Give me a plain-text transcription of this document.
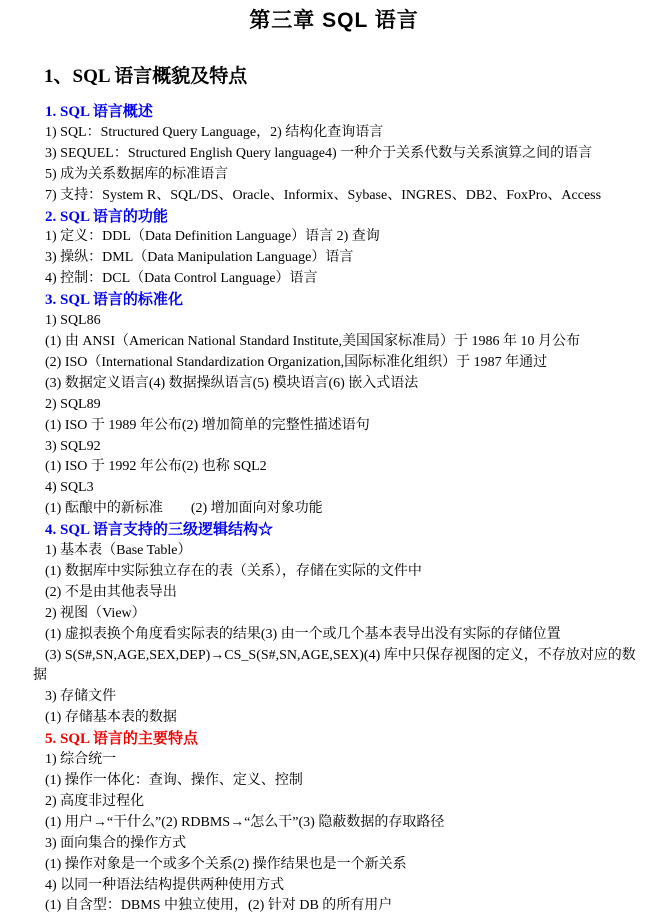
第三章 SQL 语言
1、SQL 语言概貌及特点

1. SQL 语言概述

1) SQL：Structured Query Language，2) 结构化查询语言

3) SEQUEL：Structured English Query language4) 一种介于关系代数与关系演算之间的语言

5) 成为关系数据库的标准语言

7) 支持：System R、SQL/DS、Oracle、Informix、Sybase、INGRES、DB2、FoxPro、Access

2. SQL 语言的功能

1) 定义：DDL（Data Definition Language）语言 2) 查询

3) 操纵：DML（Data Manipulation Language）语言

4) 控制：DCL（Data Control Language）语言

3. SQL 语言的标准化

1) SQL86

(1) 由 ANSI（American National Standard Institute,美国国家标准局）于 1986 年 10 月公布

(2) ISO（International Standardization Organization,国际标准化组织）于 1987 年通过

(3) 数据定义语言(4) 数据操纵语言(5) 模块语言(6) 嵌入式语法

2) SQL89

(1) ISO 于 1989 年公布(2) 增加简单的完整性描述语句

3) SQL92

(1) ISO 于 1992 年公布(2) 也称 SQL2

4) SQL3

(1) 酝酿中的新标准　　(2) 增加面向对象功能

4. SQL 语言支持的三级逻辑结构☆

1) 基本表（Base Table）

(1) 数据库中实际独立存在的表（关系），存储在实际的文件中

(2) 不是由其他表导出

2) 视图（View）

(1) 虚拟表换个角度看实际表的结果(3) 由一个或几个基本表导出没有实际的存储位置

(3) S(S#,SN,AGE,SEX,DEP)→CS_S(S#,SN,AGE,SEX)(4) 库中只保存视图的定义，不存放对应的数据

3) 存储文件

(1) 存储基本表的数据

5. SQL 语言的主要特点

1) 综合统一

(1) 操作一体化：查询、操作、定义、控制

2) 高度非过程化

(1) 用户→“干什么”(2) RDBMS→“怎么干”(3) 隐蔽数据的存取路径

3) 面向集合的操作方式

(1) 操作对象是一个或多个关系(2) 操作结果也是一个新关系

4) 以同一种语法结构提供两种使用方式

(1) 自含型：DBMS 中独立使用，(2) 针对 DB 的所有用户
